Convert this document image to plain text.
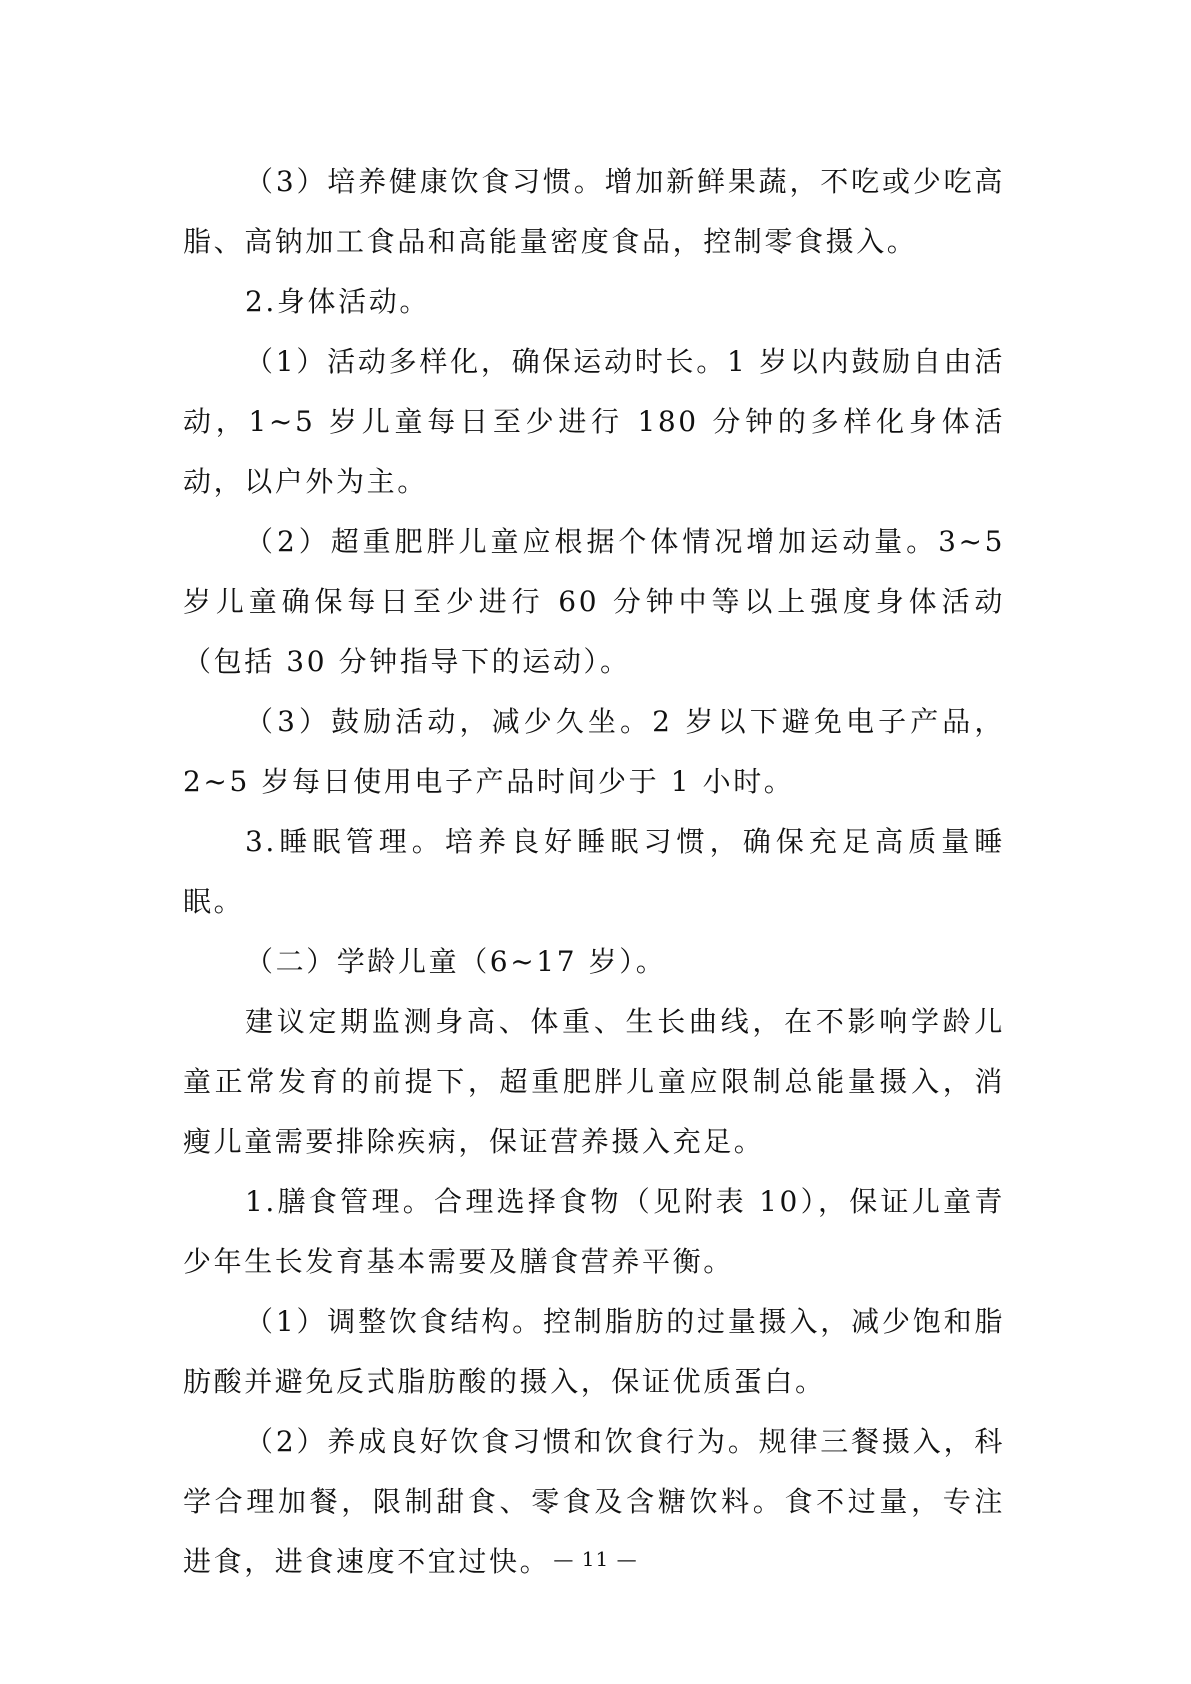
（3）培养健康饮食习惯。增加新鲜果蔬，不吃或少吃高脂、高钠加工食品和高能量密度食品，控制零食摄入。

2.身体活动。

（1）活动多样化，确保运动时长。1 岁以内鼓励自由活动，1~5 岁儿童每日至少进行 180 分钟的多样化身体活动，以户外为主。

（2）超重肥胖儿童应根据个体情况增加运动量。3~5 岁儿童确保每日至少进行 60 分钟中等以上强度身体活动（包括 30 分钟指导下的运动）。

（3）鼓励活动，减少久坐。2 岁以下避免电子产品，2~5 岁每日使用电子产品时间少于 1 小时。

3.睡眠管理。培养良好睡眠习惯，确保充足高质量睡眠。

（二）学龄儿童（6~17 岁）。

建议定期监测身高、体重、生长曲线，在不影响学龄儿童正常发育的前提下，超重肥胖儿童应限制总能量摄入，消瘦儿童需要排除疾病，保证营养摄入充足。

1.膳食管理。合理选择食物（见附表 10），保证儿童青少年生长发育基本需要及膳食营养平衡。

（1）调整饮食结构。控制脂肪的过量摄入，减少饱和脂肪酸并避免反式脂肪酸的摄入，保证优质蛋白。

（2）养成良好饮食习惯和饮食行为。规律三餐摄入，科学合理加餐，限制甜食、零食及含糖饮料。食不过量，专注进食，进食速度不宜过快。 — 11 —
